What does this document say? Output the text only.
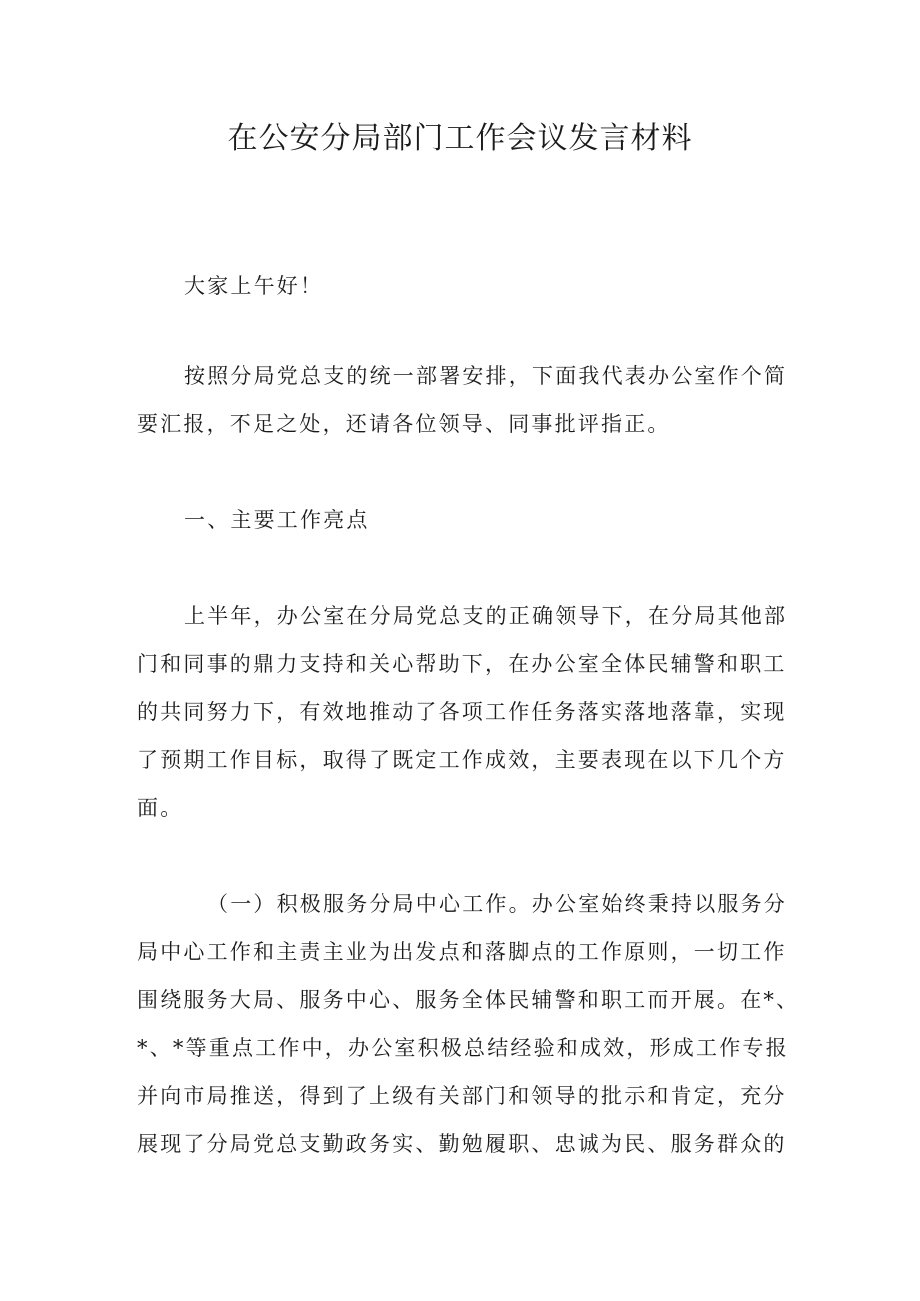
在公安分局部门工作会议发言材料

大家上午好！

按照分局党总支的统一部署安排，下面我代表办公室作个简
要汇报，不足之处，还请各位领导、同事批评指正。

一、主要工作亮点

上半年，办公室在分局党总支的正确领导下，在分局其他部
门和同事的鼎力支持和关心帮助下，在办公室全体民辅警和职工
的共同努力下，有效地推动了各项工作任务落实落地落靠，实现
了预期工作目标，取得了既定工作成效，主要表现在以下几个方
面。

（一）积极服务分局中心工作。办公室始终秉持以服务分
局中心工作和主责主业为出发点和落脚点的工作原则，一切工作
围绕服务大局、服务中心、服务全体民辅警和职工而开展。在*、
*、*等重点工作中，办公室积极总结经验和成效，形成工作专报
并向市局推送，得到了上级有关部门和领导的批示和肯定，充分
展现了分局党总支勤政务实、勤勉履职、忠诚为民、服务群众的
